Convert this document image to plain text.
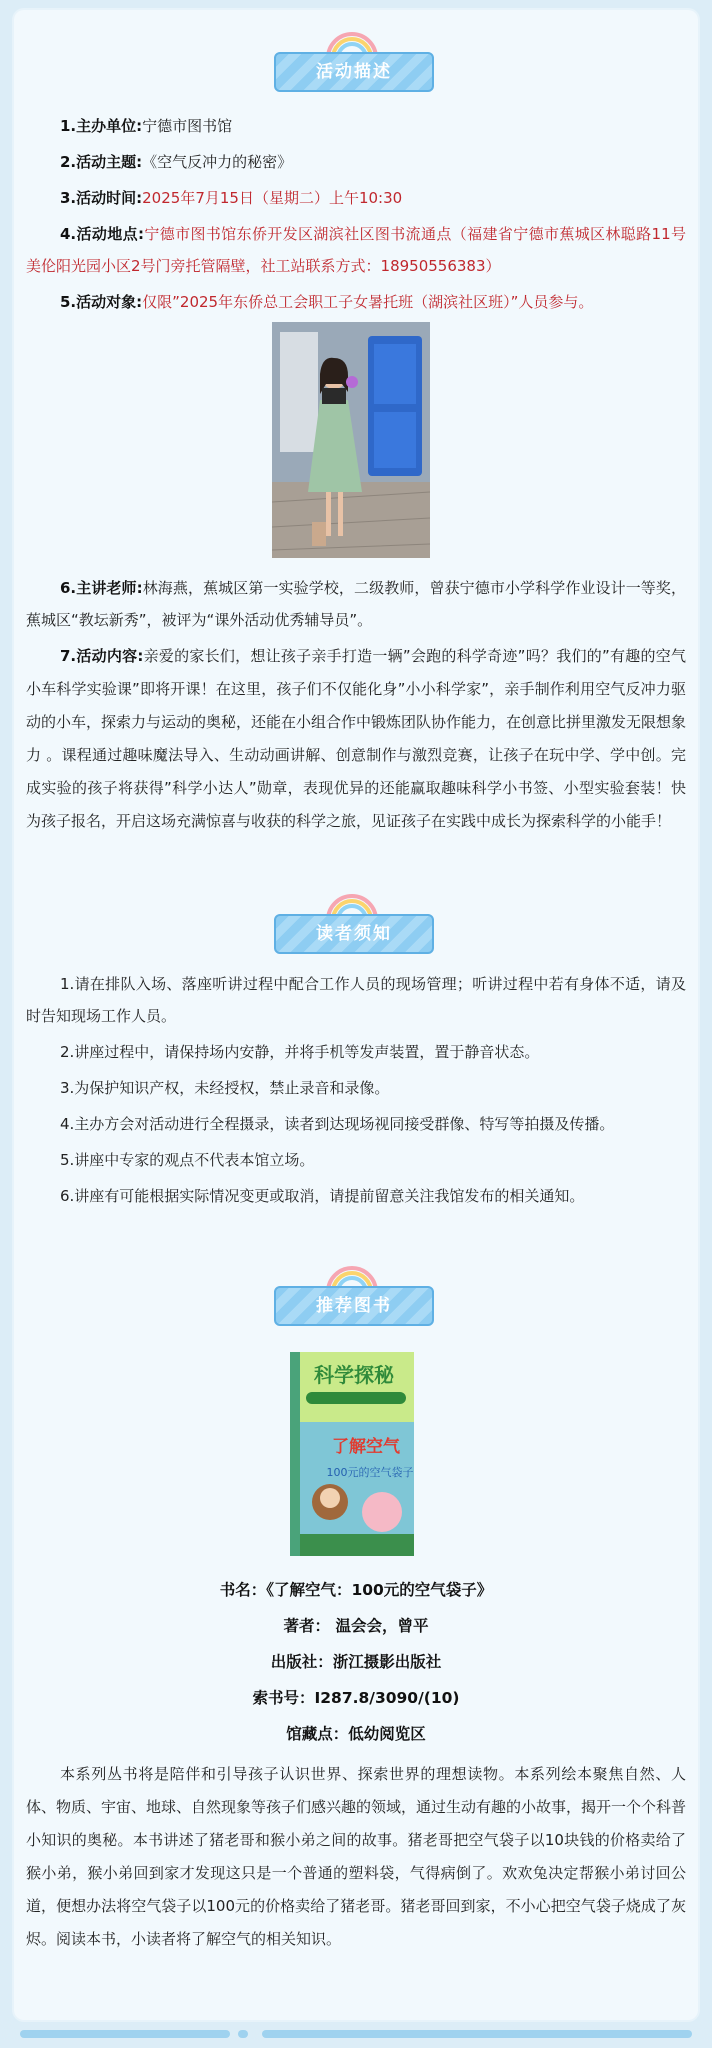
活动描述
1.主办单位:宁德市图书馆
2.活动主题:《空气反冲力的秘密》
3.活动时间:2025年7月15日（星期二）上午10:30
4.活动地点:宁德市图书馆东侨开发区湖滨社区图书流通点（福建省宁德市蕉城区林聪路11号美伦阳光园小区2号门旁托管隔壁，社工站联系方式：18950556383）
5.活动对象:仅限”2025年东侨总工会职工子女暑托班（湖滨社区班）”人员参与。
6.主讲老师:林海燕，蕉城区第一实验学校，二级教师，曾获宁德市小学科学作业设计一等奖，蕉城区“教坛新秀”，被评为“课外活动优秀辅导员”。
7.活动内容:亲爱的家长们，想让孩子亲手打造一辆”会跑的科学奇迹”吗？我们的”有趣的空气小车科学实验课”即将开课！在这里，孩子们不仅能化身”小小科学家”，亲手制作利用空气反冲力驱动的小车，探索力与运动的奥秘，还能在小组合作中锻炼团队协作能力，在创意比拼里激发无限想象力 。课程通过趣味魔法导入、生动动画讲解、创意制作与激烈竞赛，让孩子在玩中学、学中创。完成实验的孩子将获得”科学小达人”勋章，表现优异的还能赢取趣味科学小书签、小型实验套装！快为孩子报名，开启这场充满惊喜与收获的科学之旅，见证孩子在实践中成长为探索科学的小能手！
读者须知
1.请在排队入场、落座听讲过程中配合工作人员的现场管理；听讲过程中若有身体不适，请及时告知现场工作人员。
2.讲座过程中，请保持场内安静，并将手机等发声装置，置于静音状态。
3.为保护知识产权，未经授权，禁止录音和录像。
4.主办方会对活动进行全程摄录，读者到达现场视同接受群像、特写等拍摄及传播。
5.讲座中专家的观点不代表本馆立场。
6.讲座有可能根据实际情况变更或取消，请提前留意关注我馆发布的相关通知。
推荐图书
科学探秘
了解空气
100元的空气袋子
书名：《了解空气：100元的空气袋子》
著者： 温会会，曾平
出版社：浙江摄影出版社
索书号：I287.8/3090/(10)
馆藏点：低幼阅览区
本系列丛书将是陪伴和引导孩子认识世界、探索世界的理想读物。本系列绘本聚焦自然、人体、物质、宇宙、地球、自然现象等孩子们感兴趣的领域，通过生动有趣的小故事，揭开一个个科普小知识的奥秘。本书讲述了猪老哥和猴小弟之间的故事。猪老哥把空气袋子以10块钱的价格卖给了猴小弟，猴小弟回到家才发现这只是一个普通的塑料袋，气得病倒了。欢欢兔决定帮猴小弟讨回公道，便想办法将空气袋子以100元的价格卖给了猪老哥。猪老哥回到家，不小心把空气袋子烧成了灰烬。阅读本书，小读者将了解空气的相关知识。
